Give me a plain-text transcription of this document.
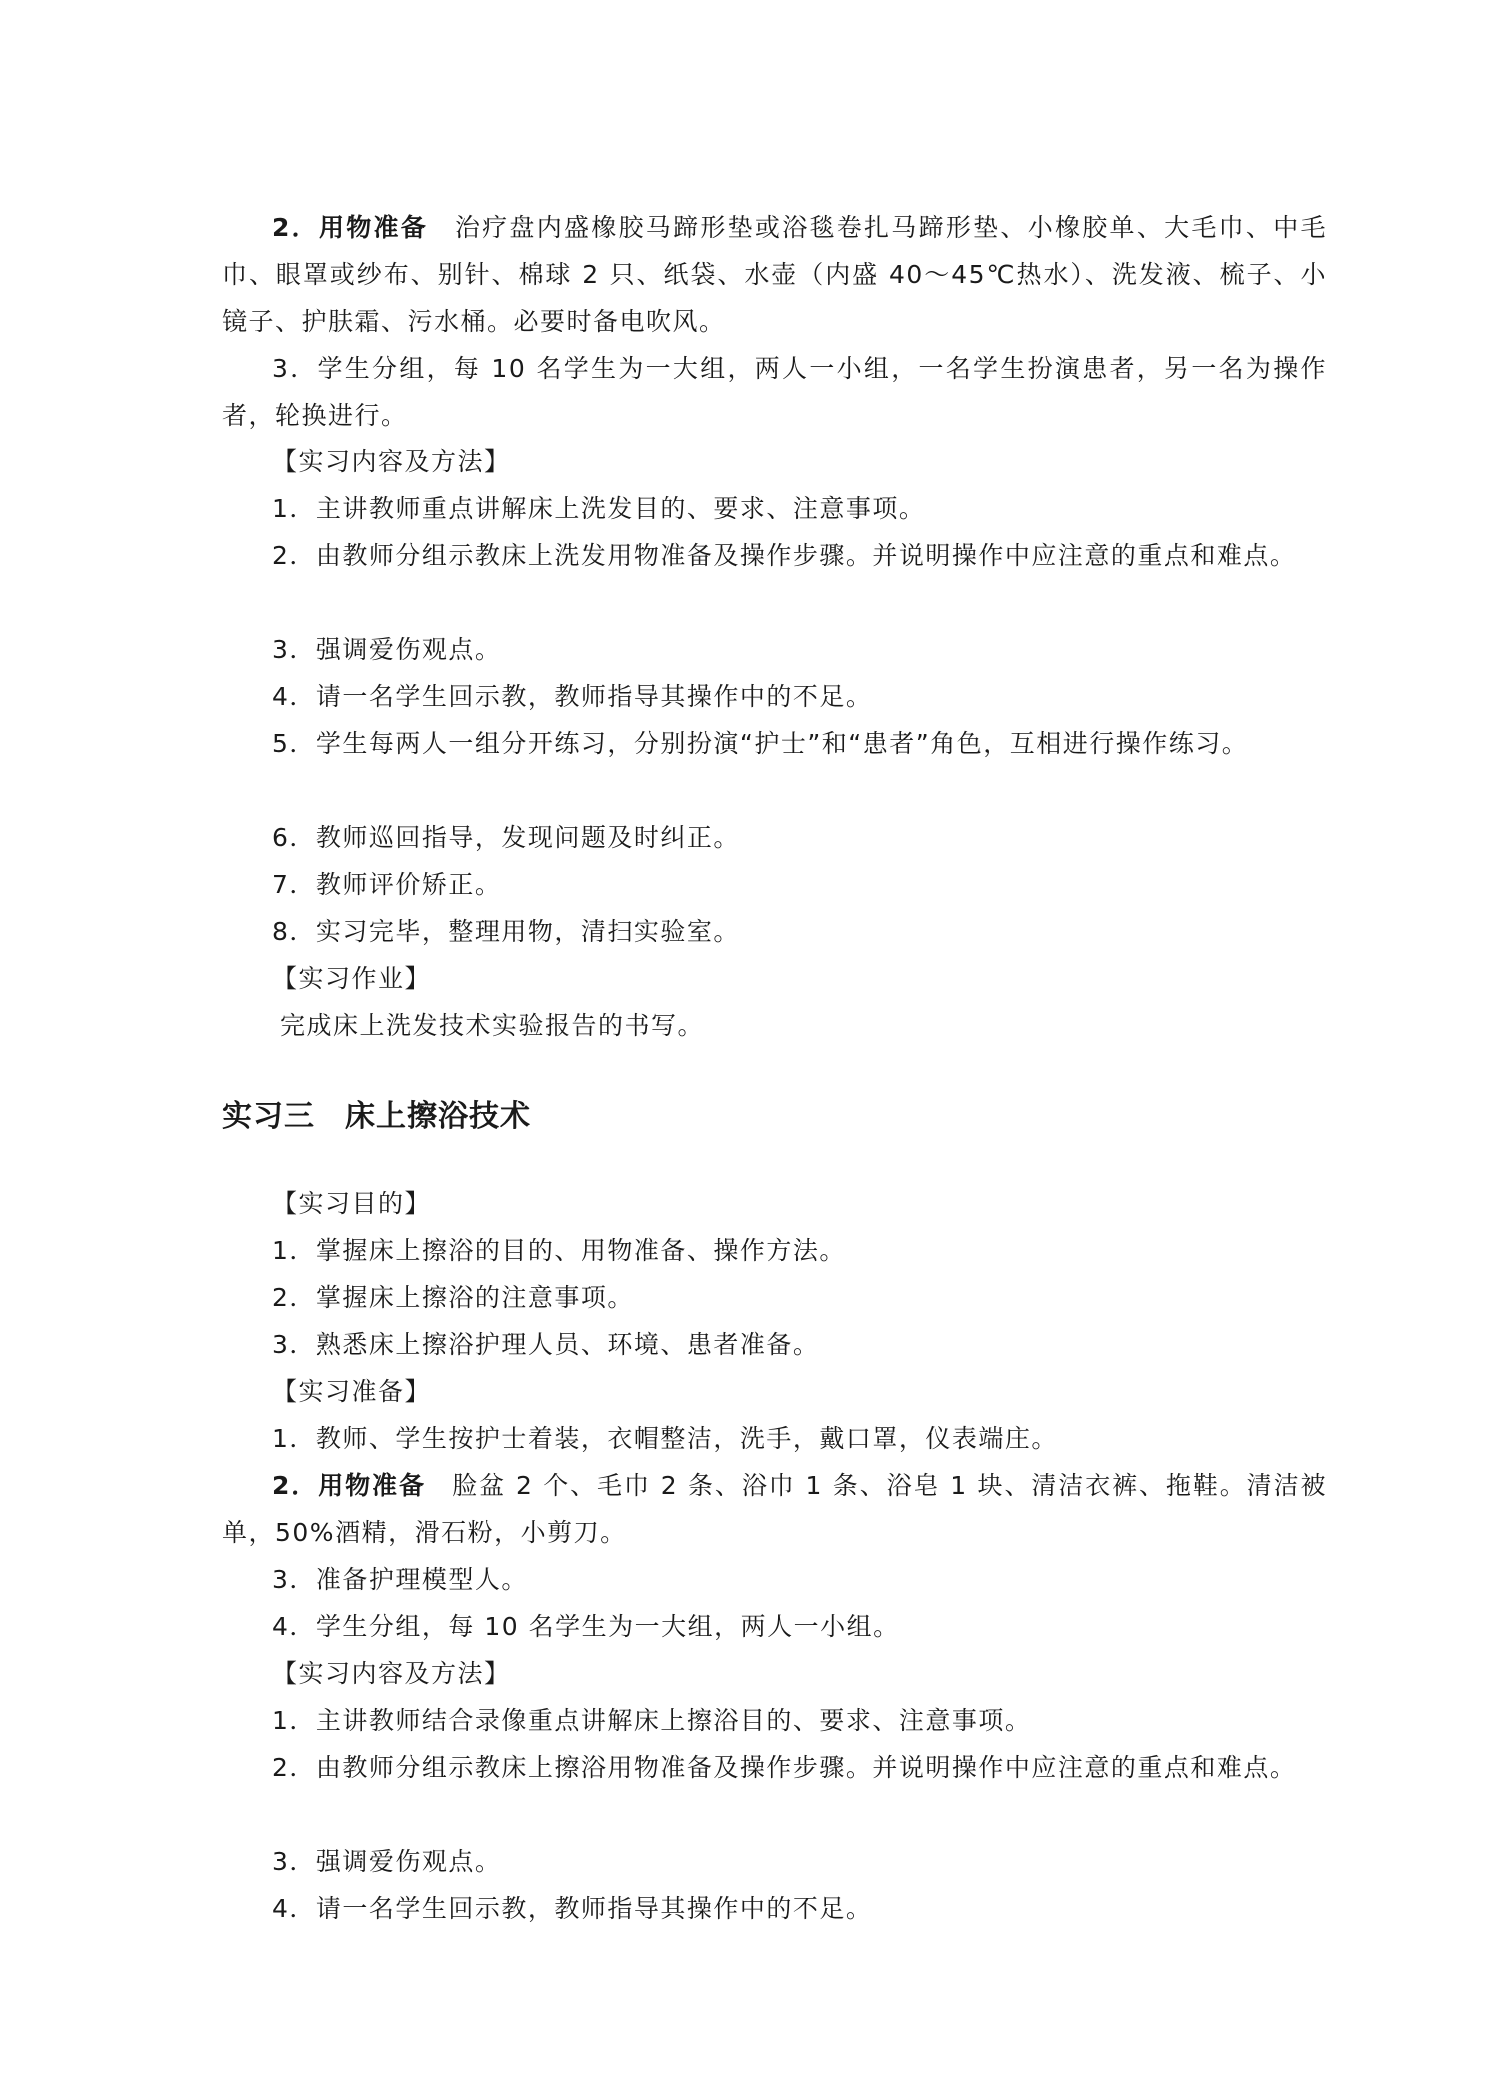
2．用物准备 治疗盘内盛橡胶马蹄形垫或浴毯卷扎马蹄形垫、小橡胶单、大毛巾、中毛巾、眼罩或纱布、别针、棉球 2 只、纸袋、水壶（内盛 40～45℃热水）、洗发液、梳子、小镜子、护肤霜、污水桶。必要时备电吹风。
3．学生分组，每 10 名学生为一大组，两人一小组，一名学生扮演患者，另一名为操作者，轮换进行。
【实习内容及方法】
1．主讲教师重点讲解床上洗发目的、要求、注意事项。
2．由教师分组示教床上洗发用物准备及操作步骤。并说明操作中应注意的重点和难点。
3．强调爱伤观点。
4．请一名学生回示教，教师指导其操作中的不足。
5．学生每两人一组分开练习，分别扮演“护士”和“患者”角色，互相进行操作练习。
6．教师巡回指导，发现问题及时纠正。
7．教师评价矫正。
8．实习完毕，整理用物，清扫实验室。
【实习作业】
完成床上洗发技术实验报告的书写。
实习三 床上擦浴技术
【实习目的】
1．掌握床上擦浴的目的、用物准备、操作方法。
2．掌握床上擦浴的注意事项。
3．熟悉床上擦浴护理人员、环境、患者准备。
【实习准备】
1．教师、学生按护士着装，衣帽整洁，洗手，戴口罩，仪表端庄。
2．用物准备 脸盆 2 个、毛巾 2 条、浴巾 1 条、浴皂 1 块、清洁衣裤、拖鞋。清洁被单，50%酒精，滑石粉，小剪刀。
3．准备护理模型人。
4．学生分组，每 10 名学生为一大组，两人一小组。
【实习内容及方法】
1．主讲教师结合录像重点讲解床上擦浴目的、要求、注意事项。
2．由教师分组示教床上擦浴用物准备及操作步骤。并说明操作中应注意的重点和难点。
3．强调爱伤观点。
4．请一名学生回示教，教师指导其操作中的不足。
